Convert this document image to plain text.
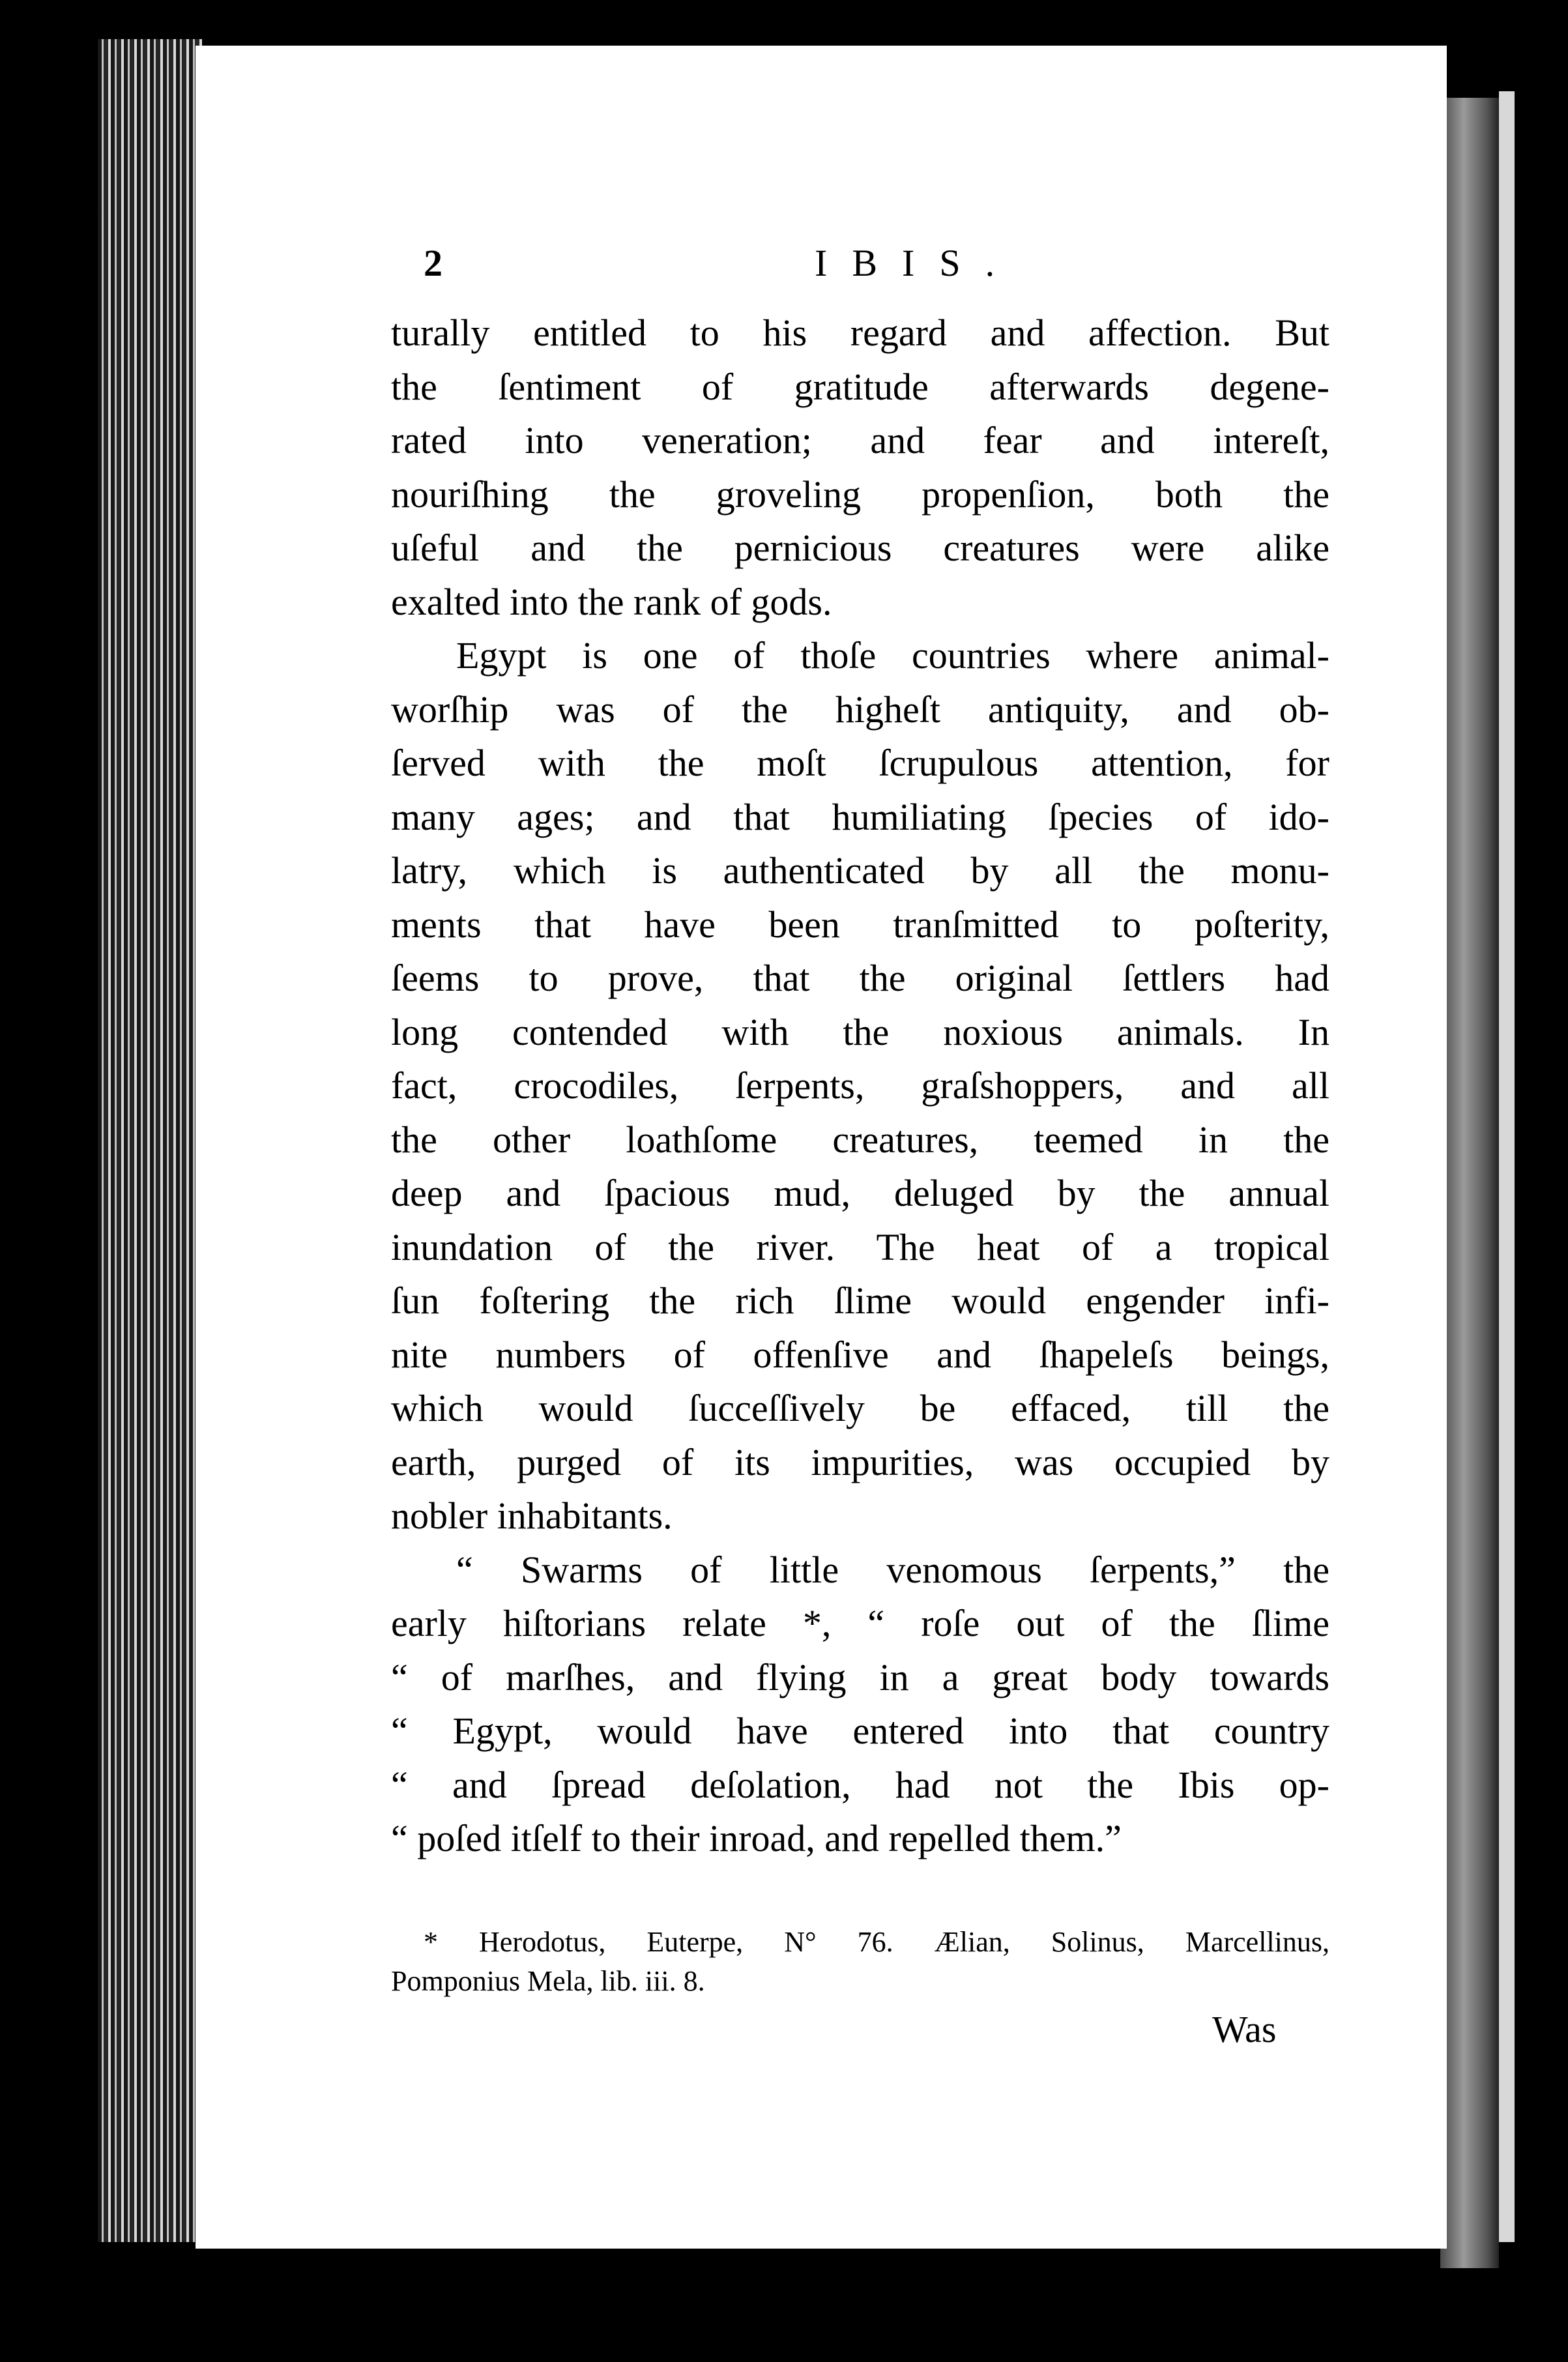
2	IBIS.
turally entitled to his regard and affection. But
the ſentiment of gratitude afterwards degene-
rated into veneration; and fear and intereſt,
nouriſhing the groveling propenſion, both the
uſeful and the pernicious creatures were alike
exalted into the rank of gods.
Egypt is one of thoſe countries where animal-
worſhip was of the higheſt antiquity, and ob-
ſerved with the moſt ſcrupulous attention, for
many ages; and that humiliating ſpecies of ido-
latry, which is authenticated by all the monu-
ments that have been tranſmitted to poſterity,
ſeems to prove, that the original ſettlers had
long contended with the noxious animals. In
fact, crocodiles, ſerpents, graſshoppers, and all
the other loathſome creatures, teemed in the
deep and ſpacious mud, deluged by the annual
inundation of the river. The heat of a tropical
ſun foſtering the rich ſlime would engender infi-
nite numbers of offenſive and ſhapeleſs beings,
which would ſucceſſively be effaced, till the
earth, purged of its impurities, was occupied by
nobler inhabitants.
“ Swarms of little venomous ſerpents,” the
early hiſtorians relate *, “ roſe out of the ſlime
“ of marſhes, and flying in a great body towards
“ Egypt, would have entered into that country
“ and ſpread deſolation, had not the Ibis op-
“ poſed itſelf to their inroad, and repelled them.”
* Herodotus, Euterpe, N° 76. Ælian, Solinus, Marcellinus,
Pomponius Mela, lib. iii. 8.
Was
